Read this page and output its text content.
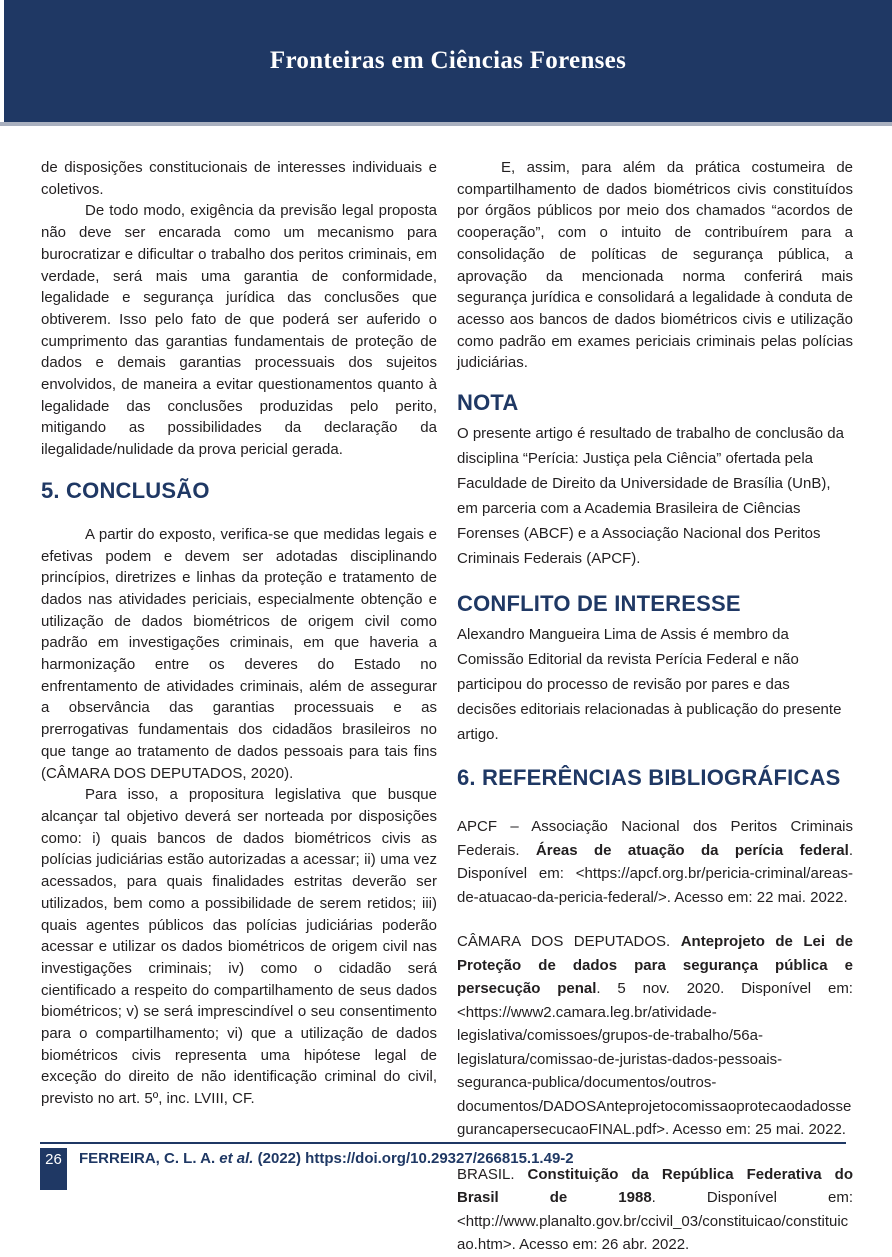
Fronteiras em Ciências Forenses

de disposições constitucionais de interesses individuais e coletivos.

De todo modo, exigência da previsão legal proposta não deve ser encarada como um mecanismo para burocratizar e dificultar o trabalho dos peritos criminais, em verdade, será mais uma garantia de conformidade, legalidade e segurança jurídica das conclusões que obtiverem. Isso pelo fato de que poderá ser auferido o cumprimento das garantias fundamentais de proteção de dados e demais garantias processuais dos sujeitos envolvidos, de maneira a evitar questionamentos quanto à legalidade das conclusões produzidas pelo perito, mitigando as possibilidades da declaração da ilegalidade/nulidade da prova pericial gerada.

5. CONCLUSÃO

A partir do exposto, verifica-se que medidas legais e efetivas podem e devem ser adotadas disciplinando princípios, diretrizes e linhas da proteção e tratamento de dados nas atividades periciais, especialmente obtenção e utilização de dados biométricos de origem civil como padrão em investigações criminais, em que haveria a harmonização entre os deveres do Estado no enfrentamento de atividades criminais, além de assegurar a observância das garantias processuais e as prerrogativas fundamentais dos cidadãos brasileiros no que tange ao tratamento de dados pessoais para tais fins (CÂMARA DOS DEPUTADOS, 2020).

Para isso, a propositura legislativa que busque alcançar tal objetivo deverá ser norteada por disposições como: i) quais bancos de dados biométricos civis as polícias judiciárias estão autorizadas a acessar; ii) uma vez acessados, para quais finalidades estritas deverão ser utilizados, bem como a possibilidade de serem retidos; iii) quais agentes públicos das polícias judiciárias poderão acessar e utilizar os dados biométricos de origem civil nas investigações criminais; iv) como o cidadão será cientificado a respeito do compartilhamento de seus dados biométricos; v) se será imprescindível o seu consentimento para o compartilhamento; vi) que a utilização de dados biométricos civis representa uma hipótese legal de exceção do direito de não identificação criminal do civil, previsto no art. 5º, inc. LVIII, CF.

E, assim, para além da prática costumeira de compartilhamento de dados biométricos civis constituídos por órgãos públicos por meio dos chamados “acordos de cooperação”, com o intuito de contribuírem para a consolidação de políticas de segurança pública, a aprovação da mencionada norma conferirá mais segurança jurídica e consolidará a legalidade à conduta de acesso aos bancos de dados biométricos civis e utilização como padrão em exames periciais criminais pelas polícias judiciárias.

NOTA

O presente artigo é resultado de trabalho de conclusão da disciplina “Perícia: Justiça pela Ciência” ofertada pela Faculdade de Direito da Universidade de Brasília (UnB), em parceria com a Academia Brasileira de Ciências Forenses (ABCF) e a Associação Nacional dos Peritos Criminais Federais (APCF).

CONFLITO DE INTERESSE

Alexandro Mangueira Lima de Assis é membro da Comissão Editorial da revista Perícia Federal e não participou do processo de revisão por pares e das decisões editoriais relacionadas à publicação do presente artigo.

6. REFERÊNCIAS BIBLIOGRÁFICAS

APCF – Associação Nacional dos Peritos Criminais Federais. Áreas de atuação da perícia federal. Disponível em: <https://apcf.org.br/pericia-criminal/areas-de-atuacao-da-pericia-federal/>. Acesso em: 22 mai. 2022.

CÂMARA DOS DEPUTADOS. Anteprojeto de Lei de Proteção de dados para segurança pública e persecução penal. 5 nov. 2020. Disponível em: <https://www2.camara.leg.br/atividade-legislativa/comissoes/grupos-de-trabalho/56a-legislatura/comissao-de-juristas-dados-pessoais-seguranca-publica/documentos/outros-documentos/DADOSAnteprojetocomissaoprotecaodadossegurancapersecucaoFINAL.pdf>. Acesso em: 25 mai. 2022.

BRASIL. Constituição da República Federativa do Brasil de 1988. Disponível em: <http://www.planalto.gov.br/ccivil_03/constituicao/constituicao.htm>. Acesso em: 26 abr. 2022.

26	FERREIRA, C. L. A. et al. (2022) https://doi.org/10.29327/266815.1.49-2
